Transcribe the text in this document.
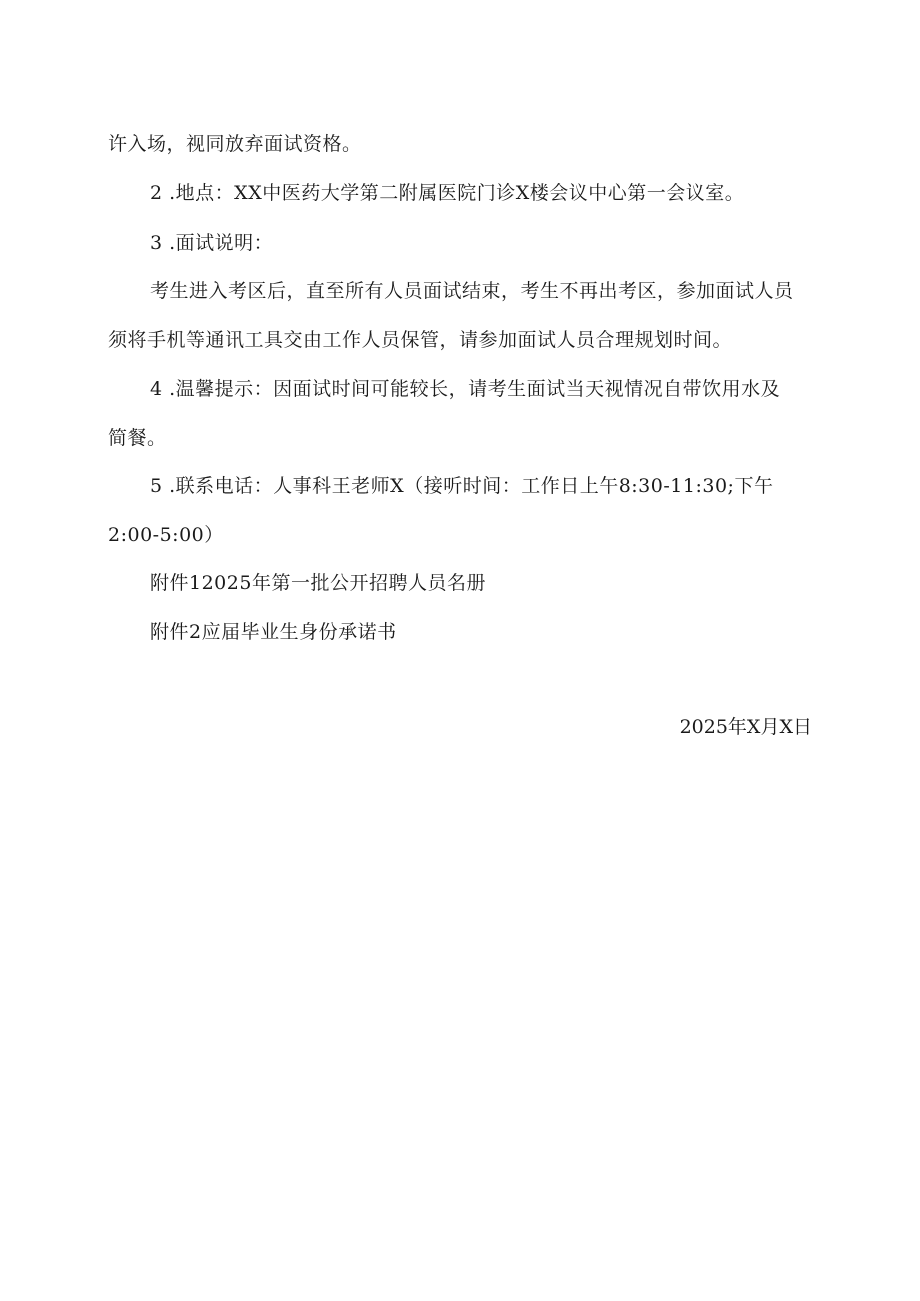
许入场，视同放弃面试资格。
2 .地点：XX中医药大学第二附属医院门诊X楼会议中心第一会议室。
3 .面试说明：
考生进入考区后，直至所有人员面试结束，考生不再出考区，参加面试人员
须将手机等通讯工具交由工作人员保管，请参加面试人员合理规划时间。
4 .温馨提示：因面试时间可能较长，请考生面试当天视情况自带饮用水及
简餐。
5 .联系电话：人事科王老师X（接听时间：工作日上午8:30-11:30;下午
2:00-5:00）
附件12025年第一批公开招聘人员名册
附件2应届毕业生身份承诺书
2025年X月X日
